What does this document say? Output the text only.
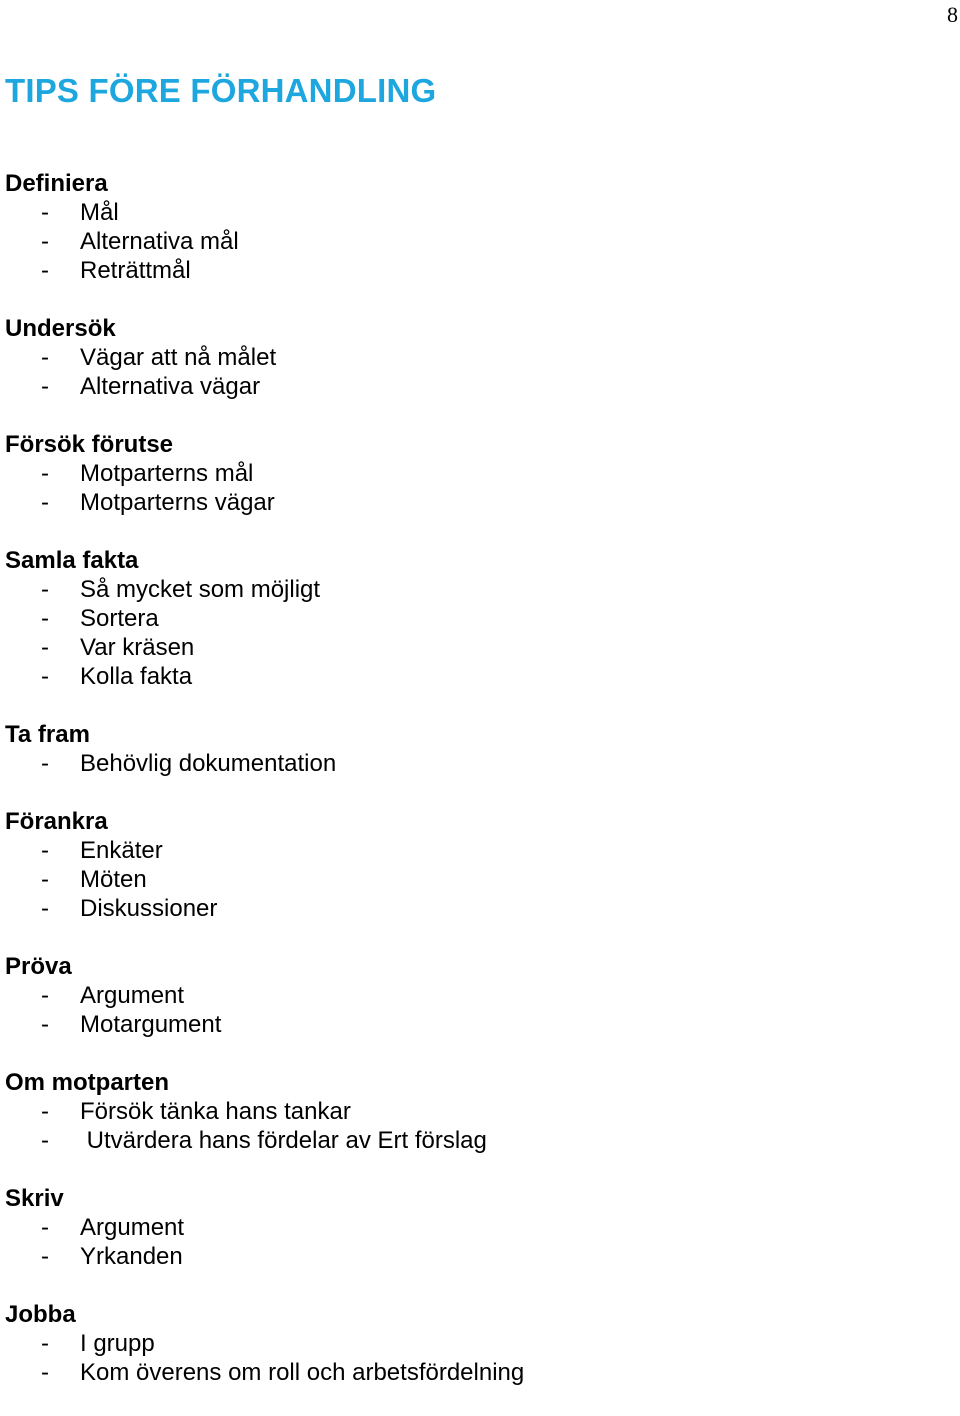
8
TIPS FÖRE FÖRHANDLING
Definiera
- Mål
- Alternativa mål
- Reträttmål
Undersök
- Vägar att nå målet
- Alternativa vägar
Försök förutse
- Motparterns mål
- Motparterns vägar
Samla fakta
- Så mycket som möjligt
- Sortera
- Var kräsen
- Kolla fakta
Ta fram
- Behövlig dokumentation
Förankra
- Enkäter
- Möten
- Diskussioner
Pröva
- Argument
- Motargument
Om motparten
- Försök tänka hans tankar
- Utvärdera hans fördelar av Ert förslag
Skriv
- Argument
- Yrkanden
Jobba
- I grupp
- Kom överens om roll och arbetsfördelning
